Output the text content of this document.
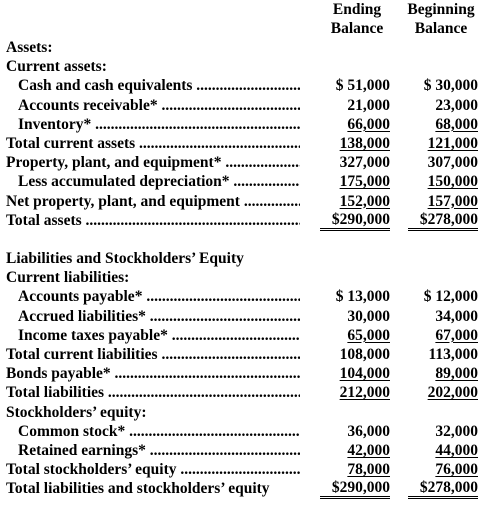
Ending
Balance
Beginning
Balance
Assets:
Current assets:
Cash and cash equivalents .....	$ 51,000	$ 30,000
Accounts receivable* .....	21,000	23,000
Inventory* .....	66,000	68,000
Total current assets .....	138,000	121,000
Property, plant, and equipment* .....	327,000	307,000
Less accumulated depreciation* .....	175,000	150,000
Net property, plant, and equipment .....	152,000	157,000
Total assets .....	$290,000	$278,000
Liabilities and Stockholders’ Equity
Current liabilities:
Accounts payable* .....	$ 13,000	$ 12,000
Accrued liabilities* .....	30,000	34,000
Income taxes payable* .....	65,000	67,000
Total current liabilities .....	108,000	113,000
Bonds payable* .....	104,000	89,000
Total liabilities .....	212,000	202,000
Stockholders’ equity:
Common stock* .....	36,000	32,000
Retained earnings* .....	42,000	44,000
Total stockholders’ equity .....	78,000	76,000
Total liabilities and stockholders’ equity	$290,000	$278,000
